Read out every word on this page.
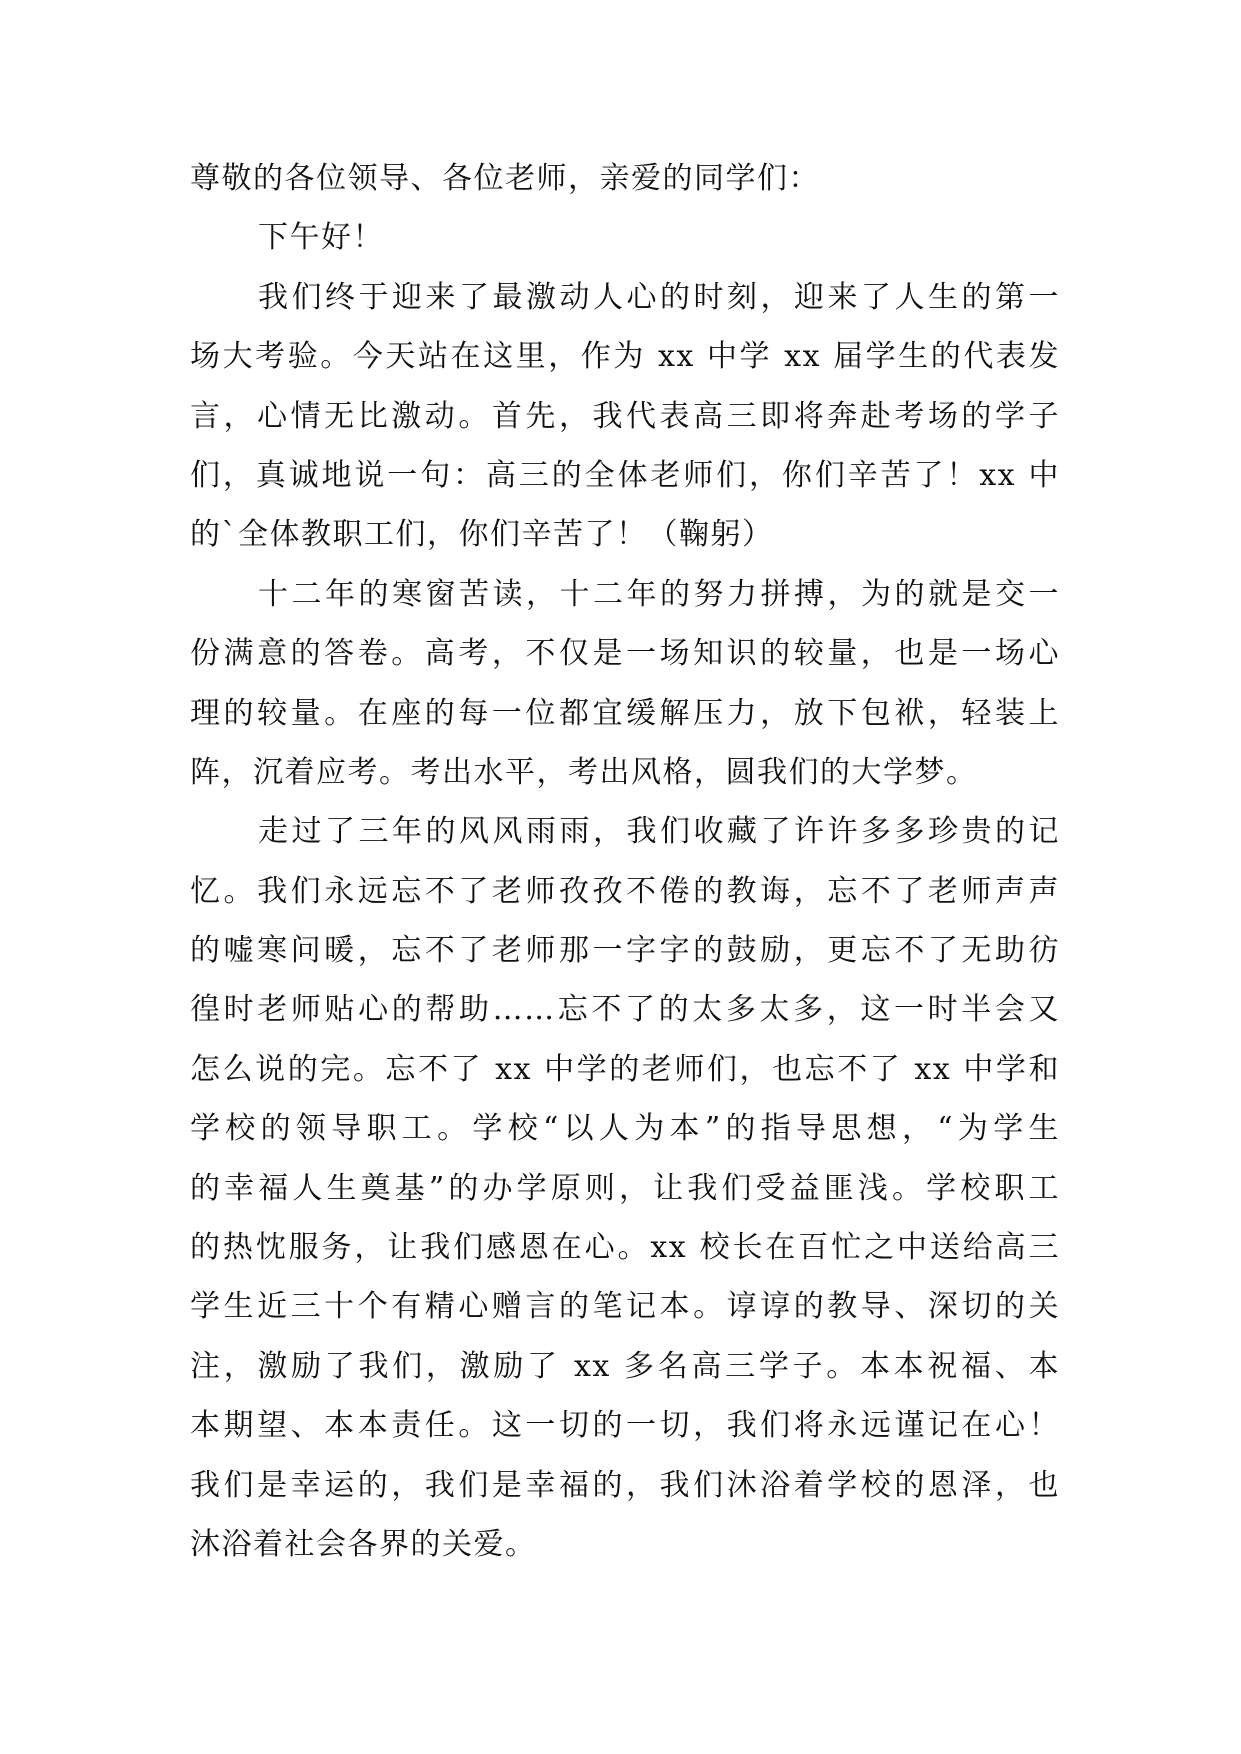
尊敬的各位领导、各位老师，亲爱的同学们：
下午好！
我们终于迎来了最激动人心的时刻，迎来了人生的第一
场大考验。今天站在这里，作为 xx 中学 xx 届学生的代表发
言，心情无比激动。首先，我代表高三即将奔赴考场的学子
们，真诚地说一句：高三的全体老师们，你们辛苦了！xx 中
的`全体教职工们，你们辛苦了！（鞠躬）
十二年的寒窗苦读，十二年的努力拼搏，为的就是交一
份满意的答卷。高考，不仅是一场知识的较量，也是一场心
理的较量。在座的每一位都宜缓解压力，放下包袱，轻装上
阵，沉着应考。考出水平，考出风格，圆我们的大学梦。
走过了三年的风风雨雨，我们收藏了许许多多珍贵的记
忆。我们永远忘不了老师孜孜不倦的教诲，忘不了老师声声
的嘘寒问暖，忘不了老师那一字字的鼓励，更忘不了无助彷
徨时老师贴心的帮助……忘不了的太多太多，这一时半会又
怎么说的完。忘不了 xx 中学的老师们，也忘不了 xx 中学和
学校的领导职工。学校“以人为本”的指导思想，“为学生
的幸福人生奠基”的办学原则，让我们受益匪浅。学校职工
的热忱服务，让我们感恩在心。xx 校长在百忙之中送给高三
学生近三十个有精心赠言的笔记本。谆谆的教导、深切的关
注，激励了我们，激励了 xx 多名高三学子。本本祝福、本
本期望、本本责任。这一切的一切，我们将永远谨记在心！
我们是幸运的，我们是幸福的，我们沐浴着学校的恩泽，也
沐浴着社会各界的关爱。
